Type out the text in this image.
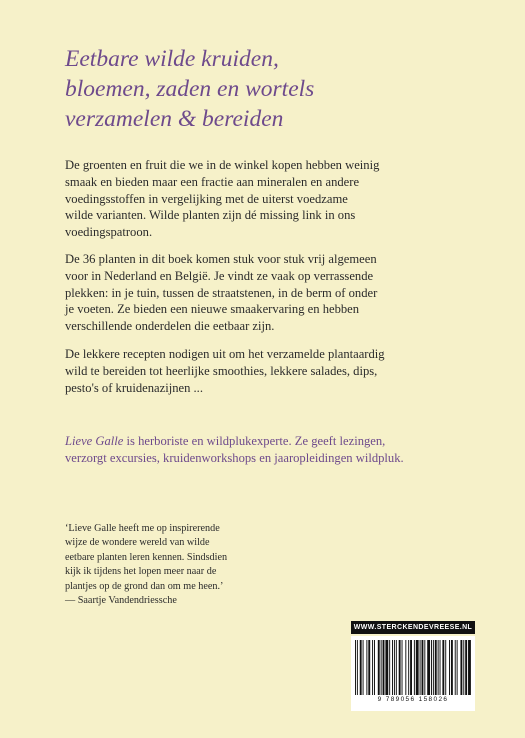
Eetbare wilde kruiden,
bloemen, zaden en wortels
verzamelen & bereiden
De groenten en fruit die we in de winkel kopen hebben weinig
smaak en bieden maar een fractie aan mineralen en andere
voedingsstoffen in vergelijking met de uiterst voedzame
wilde varianten. Wilde planten zijn dé missing link in ons
voedingspatroon.
De 36 planten in dit boek komen stuk voor stuk vrij algemeen
voor in Nederland en België. Je vindt ze vaak op verrassende
plekken: in je tuin, tussen de straatstenen, in de berm of onder
je voeten. Ze bieden een nieuwe smaakervaring en hebben
verschillende onderdelen die eetbaar zijn.
De lekkere recepten nodigen uit om het verzamelde plantaardig
wild te bereiden tot heerlijke smoothies, lekkere salades, dips,
pesto's of kruidenazijnen ...
Lieve Galle is herboriste en wildplukexperte. Ze geeft lezingen,
verzorgt excursies, kruidenworkshops en jaaropleidingen wildpluk.
‘Lieve Galle heeft me op inspirerende
wijze de wondere wereld van wilde
eetbare planten leren kennen. Sindsdien
kijk ik tijdens het lopen meer naar de
plantjes op de grond dan om me heen.’
— Saartje Vandendriessche
WWW.STERCKENDEVREESE.NL
9 789056 158026
